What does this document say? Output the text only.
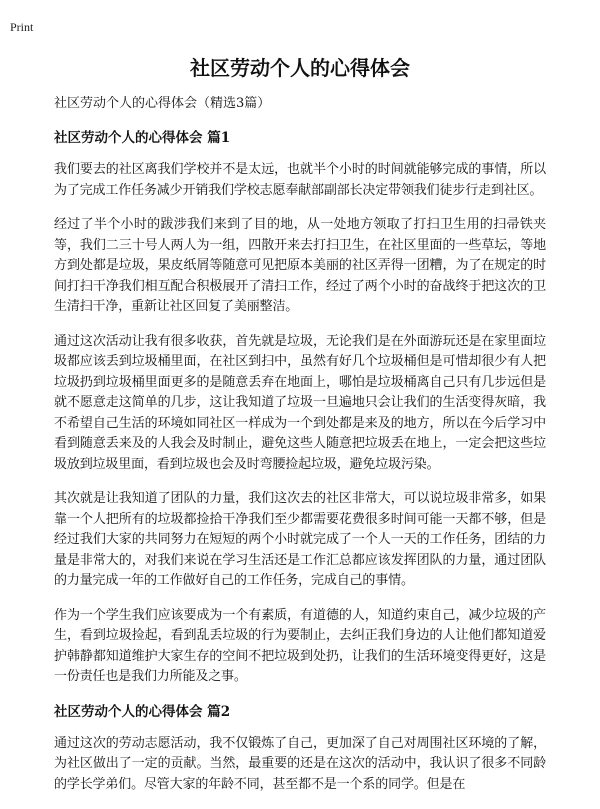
Print
社区劳动个人的心得体会

社区劳动个人的心得体会（精选3篇）

社区劳动个人的心得体会 篇1

我们要去的社区离我们学校并不是太远，也就半个小时的时间就能够完成的事情，所以为了完成工作任务减少开销我们学校志愿奉献部副部长决定带领我们徒步行走到社区。

经过了半个小时的跋涉我们来到了目的地，从一处地方领取了打扫卫生用的扫帚铁夹等，我们二三十号人两人为一组，四散开来去打扫卫生，在社区里面的一些草坛，等地方到处都是垃圾，果皮纸屑等随意可见把原本美丽的社区弄得一团糟，为了在规定的时间打扫干净我们相互配合积极展开了清扫工作，经过了两个小时的奋战终于把这次的卫生清扫干净，重新让社区回复了美丽整洁。

通过这次活动让我有很多收获，首先就是垃圾，无论我们是在外面游玩还是在家里面垃圾都应该丢到垃圾桶里面，在社区到扫中，虽然有好几个垃圾桶但是可惜却很少有人把垃圾扔到垃圾桶里面更多的是随意丢弃在地面上，哪怕是垃圾桶离自己只有几步远但是就不愿意走这简单的几步，这让我知道了垃圾一旦遍地只会让我们的生活变得灰暗，我不希望自己生活的环境如同社区一样成为一个到处都是来及的地方，所以在今后学习中看到随意丢来及的人我会及时制止，避免这些人随意把垃圾丢在地上，一定会把这些垃圾放到垃圾里面，看到垃圾也会及时弯腰捡起垃圾，避免垃圾污染。

其次就是让我知道了团队的力量，我们这次去的社区非常大，可以说垃圾非常多，如果靠一个人把所有的垃圾都捡拾干净我们至少都需要花费很多时间可能一天都不够，但是经过我们大家的共同努力在短短的两个小时就完成了一个人一天的工作任务，团结的力量是非常大的，对我们来说在学习生活还是工作汇总都应该发挥团队的力量，通过团队的力量完成一年的工作做好自己的工作任务，完成自己的事情。

作为一个学生我们应该要成为一个有素质，有道德的人，知道约束自己，减少垃圾的产生，看到垃圾捡起，看到乱丢垃圾的行为要制止，去纠正我们身边的人让他们都知道爱护韩静都知道维护大家生存的空间不把垃圾到处扔，让我们的生活环境变得更好，这是一份责任也是我们力所能及之事。

社区劳动个人的心得体会 篇2

通过这次的劳动志愿活动，我不仅锻炼了自己，更加深了自己对周围社区环境的了解，为社区做出了一定的贡献。当然，最重要的还是在这次的活动中，我认识了很多不同龄的学长学弟们。尽管大家的年龄不同，甚至都不是一个系的同学。但是在
